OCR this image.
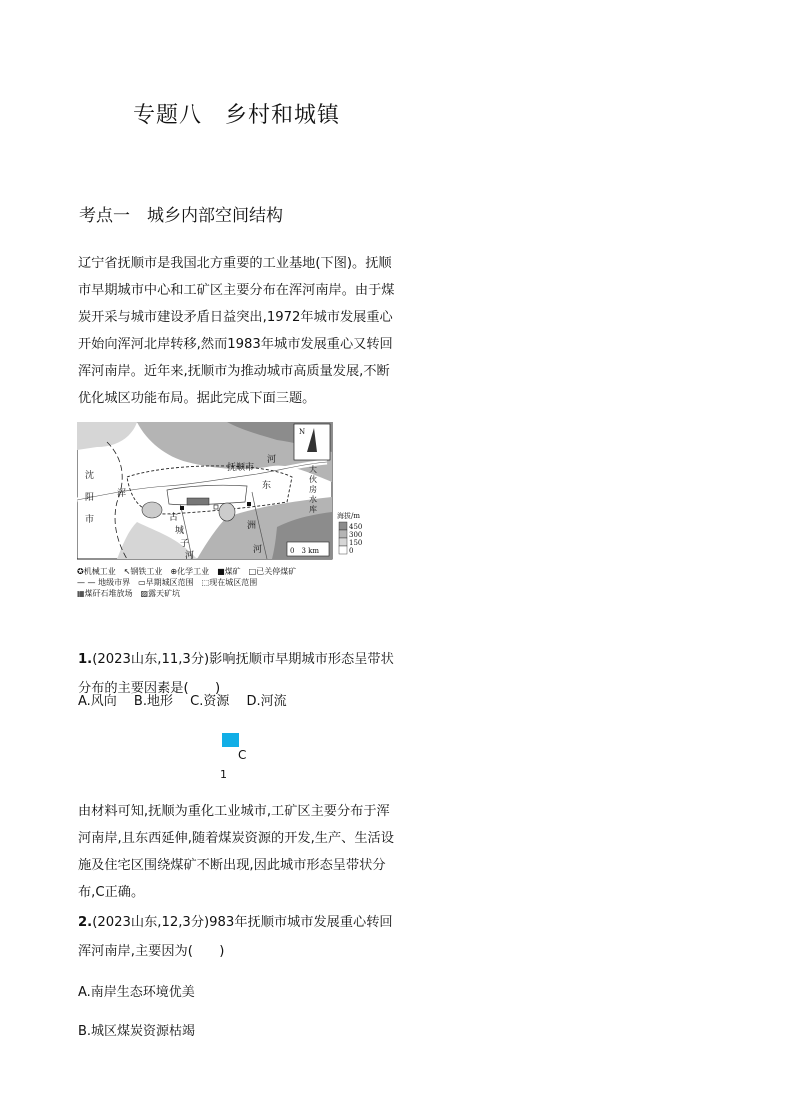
专题八　乡村和城镇
考点一　城乡内部空间结构
辽宁省抚顺市是我国北方重要的工业基地(下图)。抚顺市早期城市中心和工矿区主要分布在浑河南岸。由于煤炭开采与城市建设矛盾日益突出,1972年城市发展重心开始向浑河北岸转移,然而1983年城市发展重心又转回浑河南岸。近年来,抚顺市为推动城市高质量发展,不断优化城区功能布局。据此完成下面三题。
沈
阳
市
抚顺市
河
浑
东
古
城
子
河
洲
河
大
伙
房
水
库
N
0　3 km
海拔/m
450
300
150
0
✪机械工业　↖钢铁工业　⊕化学工业　■煤矿　□已关停煤矿
— — 地级市界　▭早期城区范围　⬚现在城区范围
▦煤矸石堆放场　▨露天矿坑
1.(2023山东,11,3分)影响抚顺市早期城市形态呈带状分布的主要因素是(　　)
A.风向　 B.地形　 C.资源　 D.河流
C
1
由材料可知,抚顺为重化工业城市,工矿区主要分布于浑河南岸,且东西延伸,随着煤炭资源的开发,生产、生活设施及住宅区围绕煤矿不断出现,因此城市形态呈带状分布,C正确。
2.(2023山东,12,3分)983年抚顺市城市发展重心转回浑河南岸,主要因为(　　)
A.南岸生态环境优美
B.城区煤炭资源枯竭
